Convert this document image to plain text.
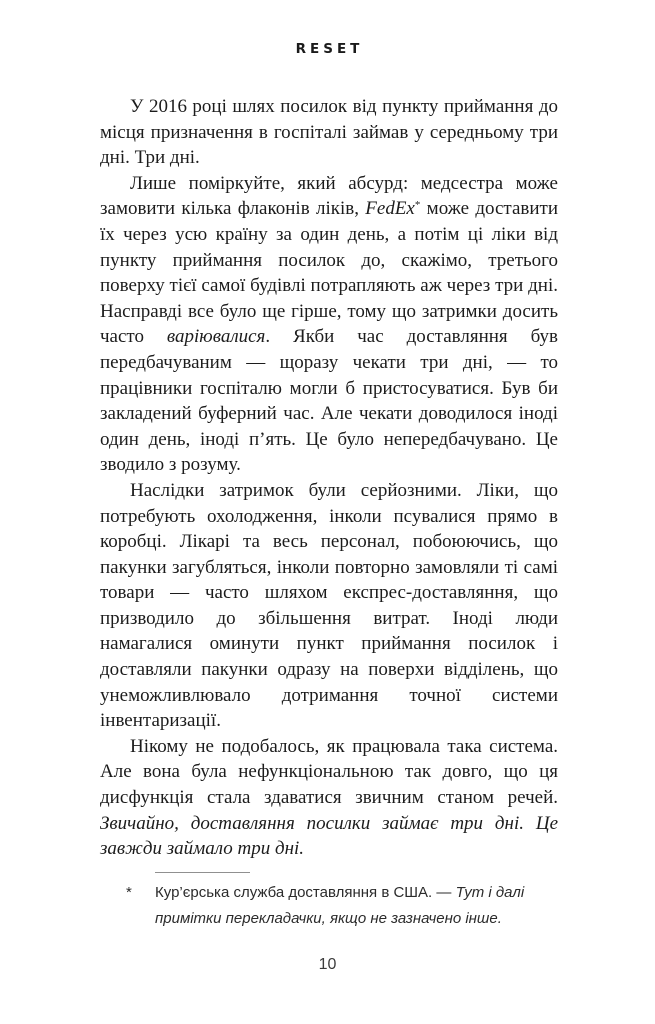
RESET

У 2016 році шлях посилок від пункту приймання до місця призначення в госпіталі займав у середньому три дні. Три дні.

Лише поміркуйте, який абсурд: медсестра може замовити кілька флаконів ліків, FedEx* може доставити їх через усю країну за один день, а потім ці ліки від пункту приймання посилок до, скажімо, третього поверху тієї самої будівлі потрапляють аж через три дні. Насправді все було ще гірше, тому що затримки досить часто варіювалися. Якби час доставляння був передбачуваним — щоразу чекати три дні, — то працівники госпіталю могли б пристосуватися. Був би закладений буферний час. Але чекати доводилося іноді один день, іноді п’ять. Це було непередбачувано. Це зводило з розуму.

Наслідки затримок були серйозними. Ліки, що потребують охолодження, інколи псувалися прямо в коробці. Лікарі та весь персонал, побоюючись, що пакунки загубляться, інколи повторно замовляли ті самі товари — часто шляхом експрес-доставляння, що призводило до збільшення витрат. Іноді люди намагалися оминути пункт приймання посилок і доставляли пакунки одразу на поверхи відділень, що унеможливлювало дотримання точної системи інвентаризації.

Нікому не подобалось, як працювала така система. Але вона була нефункціональною так довго, що ця дисфункція стала здаватися звичним станом речей. Звичайно, доставляння посилки займає три дні. Це завжди займало три дні.

*	Кур’єрська служба доставляння в США. — Тут і далі примітки перекладачки, якщо не зазначено інше.
10
